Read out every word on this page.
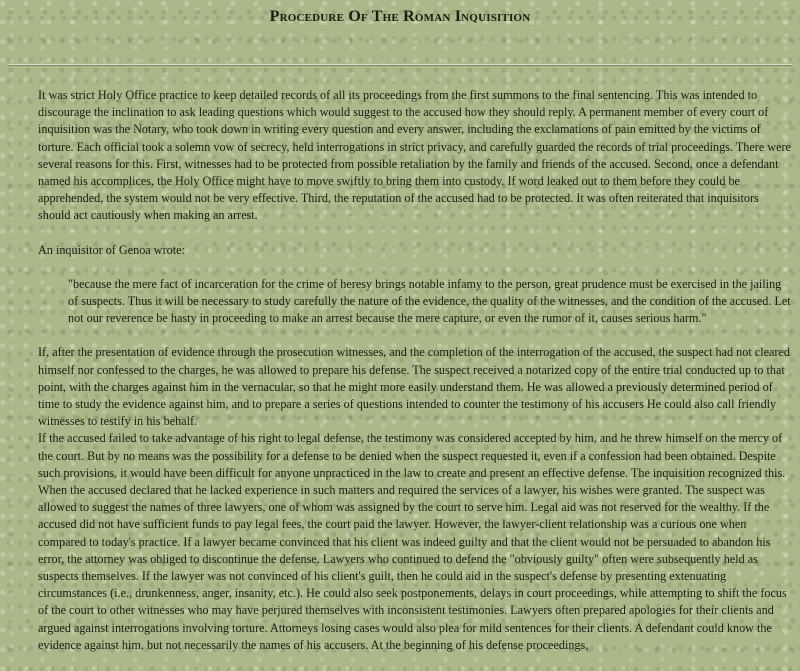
Procedure Of The Roman Inquisition

It was strict Holy Office practice to keep detailed records of all its proceedings from the first summons to the final sentencing. This was intended to discourage the inclination to ask leading questions which would suggest to the accused how they should reply. A permanent member of every court of inquisition was the Notary, who took down in writing every question and every answer, including the exclamations of pain emitted by the victims of torture. Each official took a solemn vow of secrecy, held interrogations in strict privacy, and carefully guarded the records of trial proceedings. There were several reasons for this. First, witnesses had to be protected from possible retaliation by the family and friends of the accused. Second, once a defendant named his accomplices, the Holy Office might have to move swiftly to bring them into custody. If word leaked out to them before they could be apprehended, the system would not be very effective. Third, the reputation of the accused had to be protected. It was often reiterated that inquisitors should act cautiously when making an arrest.

An inquisitor of Genoa wrote:

"because the mere fact of incarceration for the crime of heresy brings notable infamy to the person, great prudence must be exercised in the jailing of suspects. Thus it will be necessary to study carefully the nature of the evidence, the quality of the witnesses, and the condition of the accused. Let not our reverence be hasty in proceeding to make an arrest because the mere capture, or even the rumor of it, causes serious harm."

If, after the presentation of evidence through the prosecution witnesses, and the completion of the interrogation of the accused, the suspect had not cleared himself nor confessed to the charges, he was allowed to prepare his defense. The suspect received a notarized copy of the entire trial conducted up to that point, with the charges against him in the vernacular, so that he might more easily understand them. He was allowed a previously determined period of time to study the evidence against him, and to prepare a series of questions intended to counter the testimony of his accusers He could also call friendly witnesses to testify in his behalf.

If the accused failed to take advantage of his right to legal defense, the testimony was considered accepted by him, and he threw himself on the mercy of the court. But by no means was the possibility for a defense to be denied when the suspect requested it, even if a confession had been obtained. Despite such provisions, it would have been difficult for anyone unpracticed in the law to create and present an effective defense. The inquisition recognized this. When the accused declared that he lacked experience in such matters and required the services of a lawyer, his wishes were granted. The suspect was allowed to suggest the names of three lawyers, one of whom was assigned by the court to serve him. Legal aid was not reserved for the wealthy. If the accused did not have sufficient funds to pay legal fees, the court paid the lawyer. However, the lawyer-client relationship was a curious one when compared to today's practice. If a lawyer became convinced that his client was indeed guilty and that the client would not be persuaded to abandon his error, the attorney was obliged to discontinue the defense. Lawyers who continued to defend the "obviously guilty" often were subsequently held as suspects themselves. If the lawyer was not convinced of his client's guilt, then he could aid in the suspect's defense by presenting extenuating circumstances (i.e., drunkenness, anger, insanity, etc.). He could also seek postponements, delays in court proceedings, while attempting to shift the focus of the court to other witnesses who may have perjured themselves with inconsistent testimonies. Lawyers often prepared apologies for their clients and argued against interrogations involving torture. Attorneys losing cases would also plea for mild sentences for their clients. A defendant could know the evidence against him, but not necessarily the names of his accusers. At the beginning of his defense proceedings,
